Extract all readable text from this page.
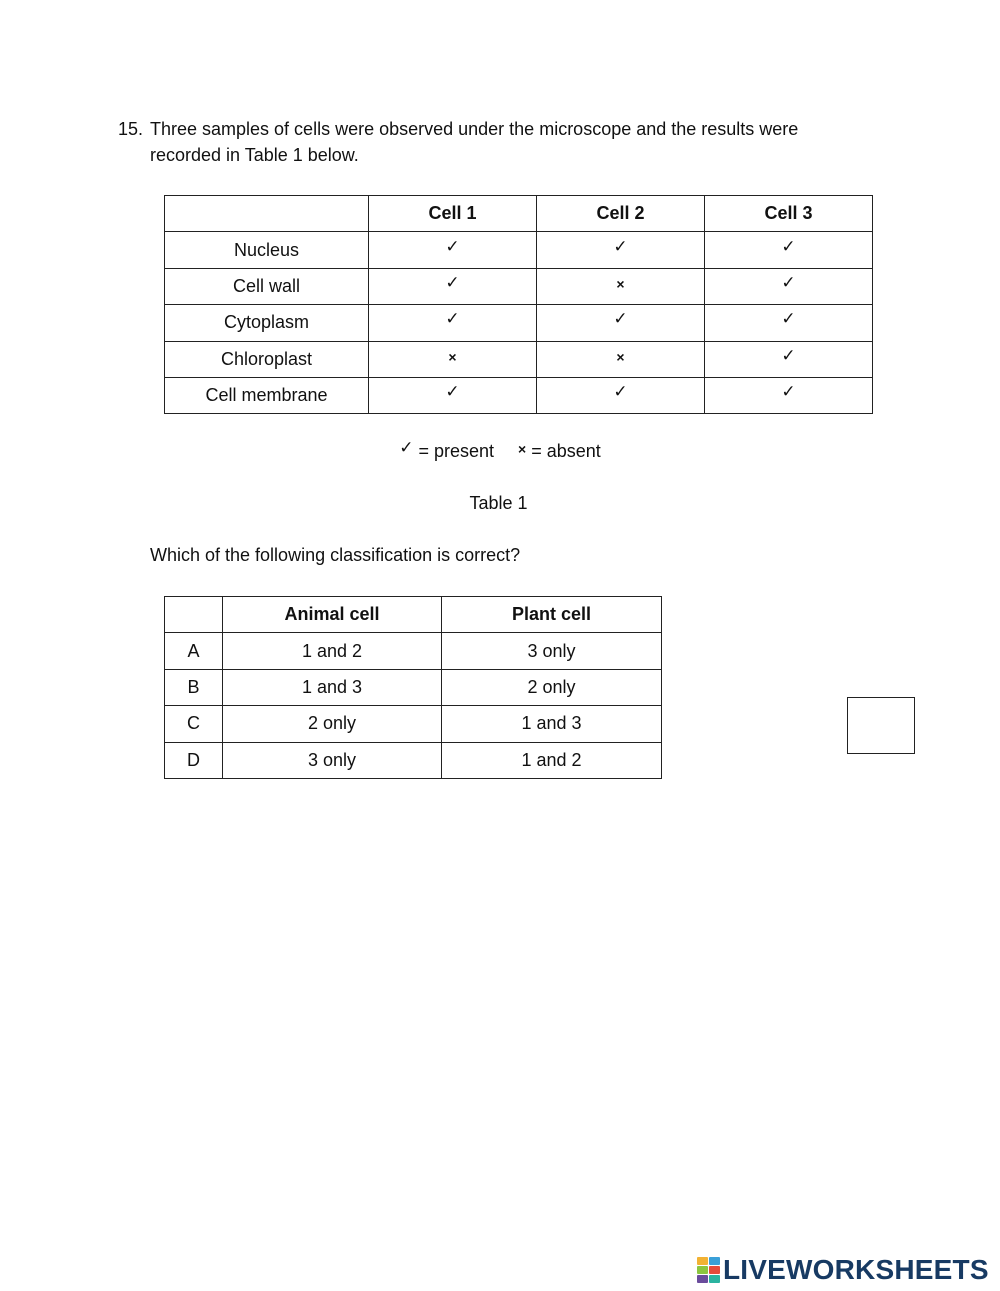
15. Three samples of cells were observed under the microscope and the results were
recorded in Table 1 below.
	Cell 1	Cell 2	Cell 3
Nucleus	✓	✓	✓
Cell wall	✓	×	✓
Cytoplasm	✓	✓	✓
Chloroplast	×	×	✓
Cell membrane	✓	✓	✓
✓ = present × = absent
Table 1
Which of the following classification is correct?
	Animal cell	Plant cell
A	1 and 2	3 only
B	1 and 3	2 only
C	2 only	1 and 3
D	3 only	1 and 2
LIVEWORKSHEETS
